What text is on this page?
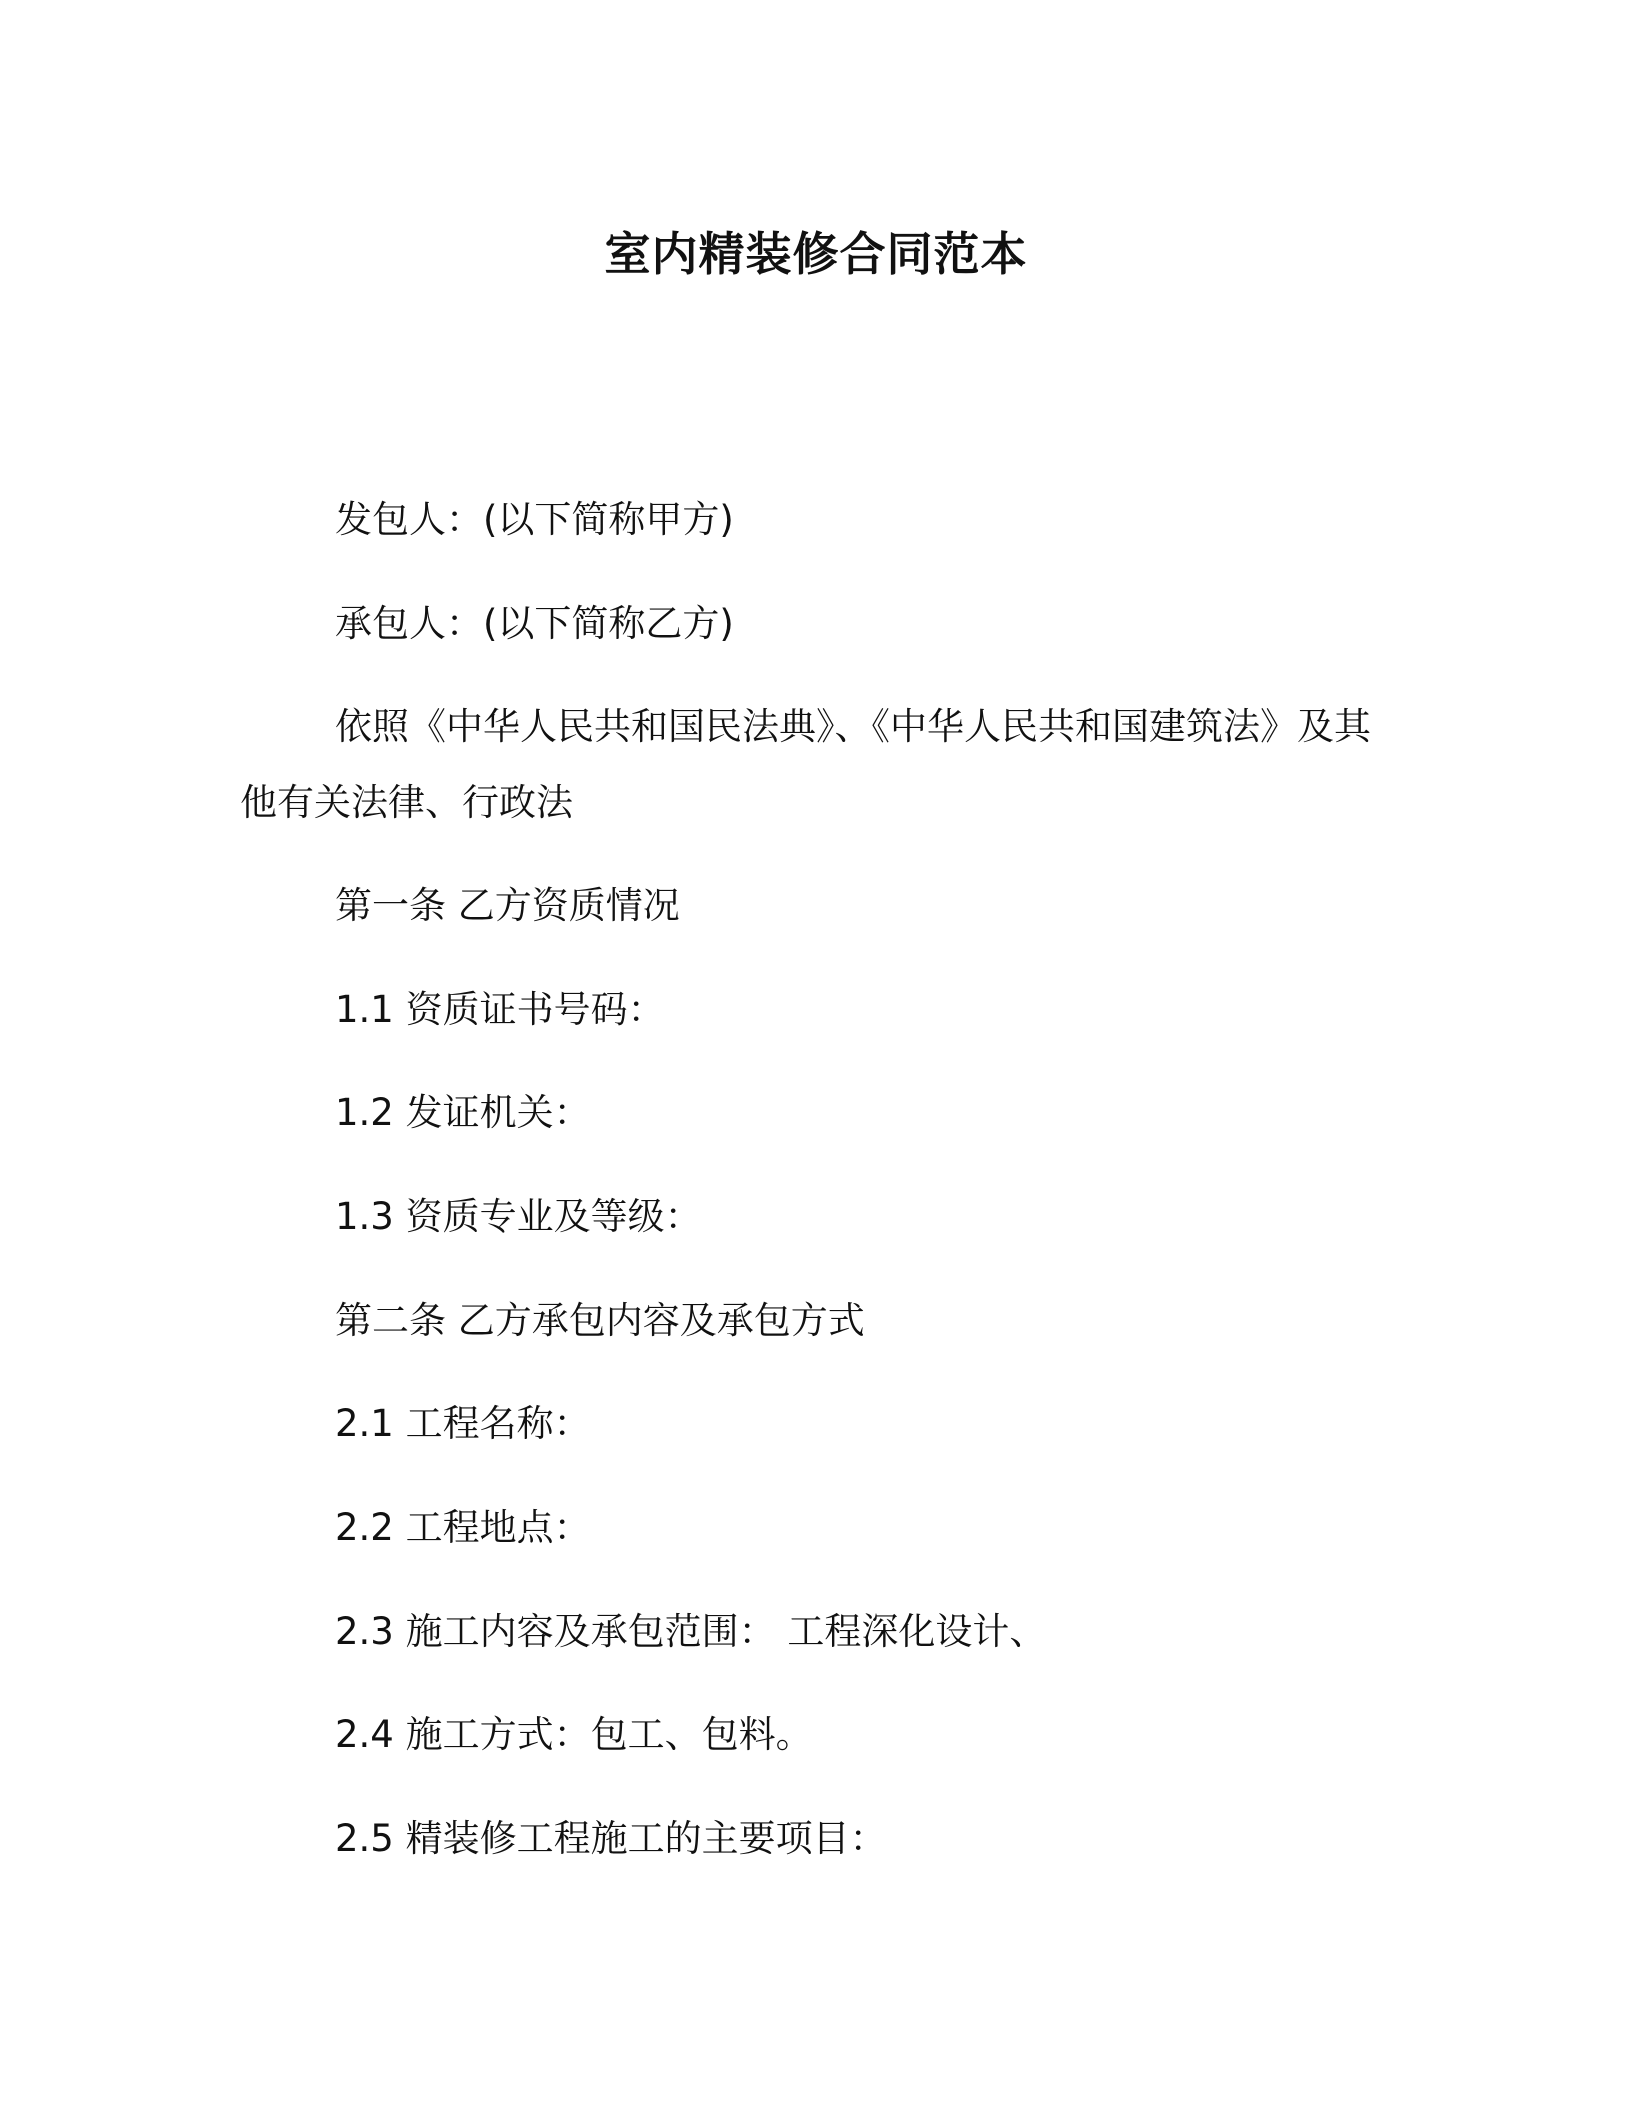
室内精装修合同范本
发包人：(以下简称甲方)
承包人：(以下简称乙方)
依照《中华人民共和国民法典》、《中华人民共和国建筑法》及其他有关法律、行政法
第一条 乙方资质情况
1.1 资质证书号码：
1.2 发证机关：
1.3 资质专业及等级：
第二条 乙方承包内容及承包方式
2.1 工程名称：
2.2 工程地点：
2.3 施工内容及承包范围： 工程深化设计、
2.4 施工方式：包工、包料。
2.5 精装修工程施工的主要项目：
